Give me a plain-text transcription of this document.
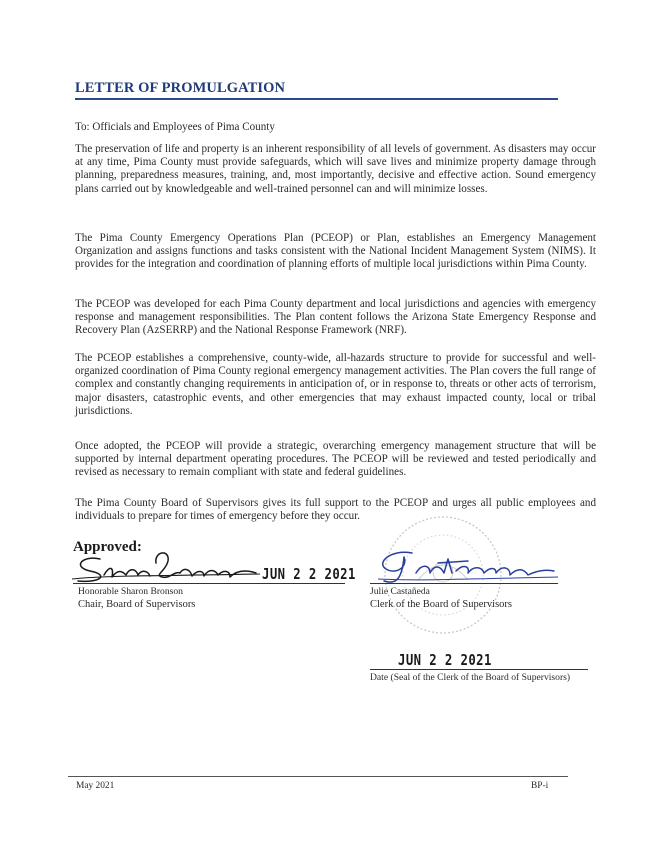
LETTER OF PROMULGATION

To: Officials and Employees of Pima County

The preservation of life and property is an inherent responsibility of all levels of government. As disasters may occur at any time, Pima County must provide safeguards, which will save lives and minimize property damage through planning, preparedness measures, training, and, most importantly, decisive and effective action. Sound emergency plans carried out by knowledgeable and well-trained personnel can and will minimize losses.

The Pima County Emergency Operations Plan (PCEOP) or Plan, establishes an Emergency Management Organization and assigns functions and tasks consistent with the National Incident Management System (NIMS). It provides for the integration and coordination of planning efforts of multiple local jurisdictions within Pima County.

The PCEOP was developed for each Pima County department and local jurisdictions and agencies with emergency response and management responsibilities. The Plan content follows the Arizona State Emergency Response and Recovery Plan (AzSERRP) and the National Response Framework (NRF).

The PCEOP establishes a comprehensive, county-wide, all-hazards structure to provide for successful and well-organized coordination of Pima County regional emergency management activities. The Plan covers the full range of complex and constantly changing requirements in anticipation of, or in response to, threats or other acts of terrorism, major disasters, catastrophic events, and other emergencies that may exhaust impacted county, local or tribal jurisdictions.

Once adopted, the PCEOP will provide a strategic, overarching emergency management structure that will be supported by internal department operating procedures. The PCEOP will be reviewed and tested periodically and revised as necessary to remain compliant with state and federal guidelines.

The Pima County Board of Supervisors gives its full support to the PCEOP and urges all public employees and individuals to prepare for times of emergency before they occur.

Approved:
JUN 2 2 2021
Honorable Sharon Bronson
Chair, Board of Supervisors
Julie Castañeda
Clerk of the Board of Supervisors
JUN 2 2 2021
Date (Seal of the Clerk of the Board of Supervisors)
May 2021	BP-i
